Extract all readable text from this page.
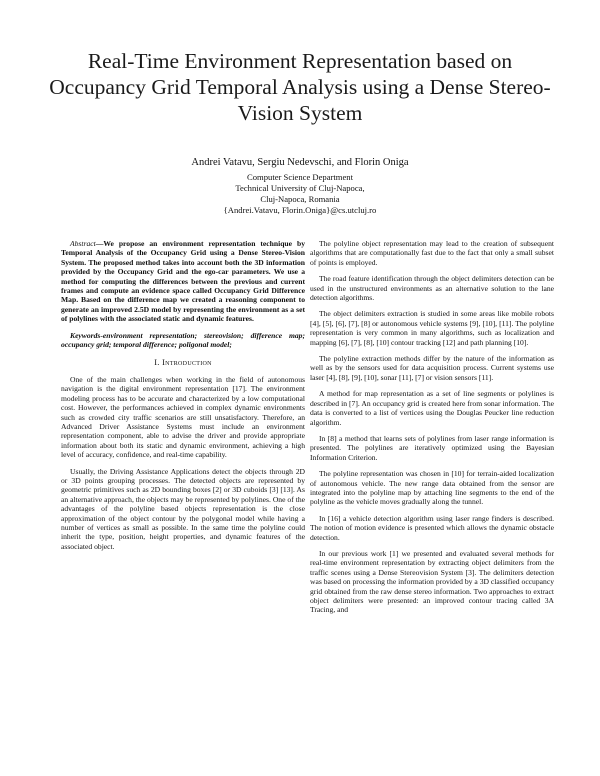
Real-Time Environment Representation based on Occupancy Grid Temporal Analysis using a Dense Stereo-Vision System
Andrei Vatavu, Sergiu Nedevschi, and Florin Oniga
Computer Science Department
Technical University of Cluj-Napoca,
Cluj-Napoca, Romania
{Andrei.Vatavu, Florin.Oniga}@cs.utcluj.ro

Abstract—We propose an environment representation technique by Temporal Analysis of the Occupancy Grid using a Dense Stereo-Vision System. The proposed method takes into account both the 3D information provided by the Occupancy Grid and the ego-car parameters. We use a method for computing the differences between the previous and current frames and compute an evidence space called Occupancy Grid Difference Map. Based on the difference map we created a reasoning component to generate an improved 2.5D model by representing the environment as a set of polylines with the associated static and dynamic features.

Keywords-environment representation; stereovision; difference map; occupancy grid; temporal difference; poligonal model;

I. Introduction

One of the main challenges when working in the field of autonomous navigation is the digital environment representation [17]. The environment modeling process has to be accurate and characterized by a low computational cost. However, the performances achieved in complex dynamic environments such as crowded city traffic scenarios are still unsatisfactory. Therefore, an Advanced Driver Assistance Systems must include an environment representation component, able to advise the driver and provide appropriate information about both its static and dynamic environment, achieving a high level of accuracy, confidence, and real-time capability.

Usually, the Driving Assistance Applications detect the objects through 2D or 3D points grouping processes. The detected objects are represented by geometric primitives such as 2D bounding boxes [2] or 3D cuboids [3] [13]. As an alternative approach, the objects may be represented by polylines. One of the advantages of the polyline based objects representation is the close approximation of the object contour by the polygonal model while having a number of vertices as small as possible. In the same time the polyline could inherit the type, position, height properties, and dynamic features of the associated object.

The polyline object representation may lead to the creation of subsequent algorithms that are computationally fast due to the fact that only a small subset of points is employed.

The road feature identification through the object delimiters detection can be used in the unstructured environments as an alternative solution to the lane detection algorithms.

The object delimiters extraction is studied in some areas like mobile robots [4], [5], [6], [7], [8] or autonomous vehicle systems [9], [10], [11]. The polyline representation is very common in many algorithms, such as localization and mapping [6], [7], [8], [10] contour tracking [12] and path planning [10].

The polyline extraction methods differ by the nature of the information as well as by the sensors used for data acquisition process. Current systems use laser [4], [8], [9], [10], sonar [11], [7] or vision sensors [11].

A method for map representation as a set of line segments or polylines is described in [7]. An occupancy grid is created here from sonar information. The data is converted to a list of vertices using the Douglas Peucker line reduction algorithm.

In [8] a method that learns sets of polylines from laser range information is presented. The polylines are iteratively optimized using the Bayesian Information Criterion.

The polyline representation was chosen in [10] for terrain-aided localization of autonomous vehicle. The new range data obtained from the sensor are integrated into the polyline map by attaching line segments to the end of the polyline as the vehicle moves gradually along the tunnel.

In [16] a vehicle detection algorithm using laser range finders is described. The notion of motion evidence is presented which allows the dynamic obstacle detection.

In our previous work [1] we presented and evaluated several methods for real-time environment representation by extracting object delimiters from the traffic scenes using a Dense Stereovision System [3]. The delimiters detection was based on processing the information provided by a 3D classified occupancy grid obtained from the raw dense stereo information. Two approaches to extract object delimiters were presented: an improved contour tracing called 3A Tracing, and
